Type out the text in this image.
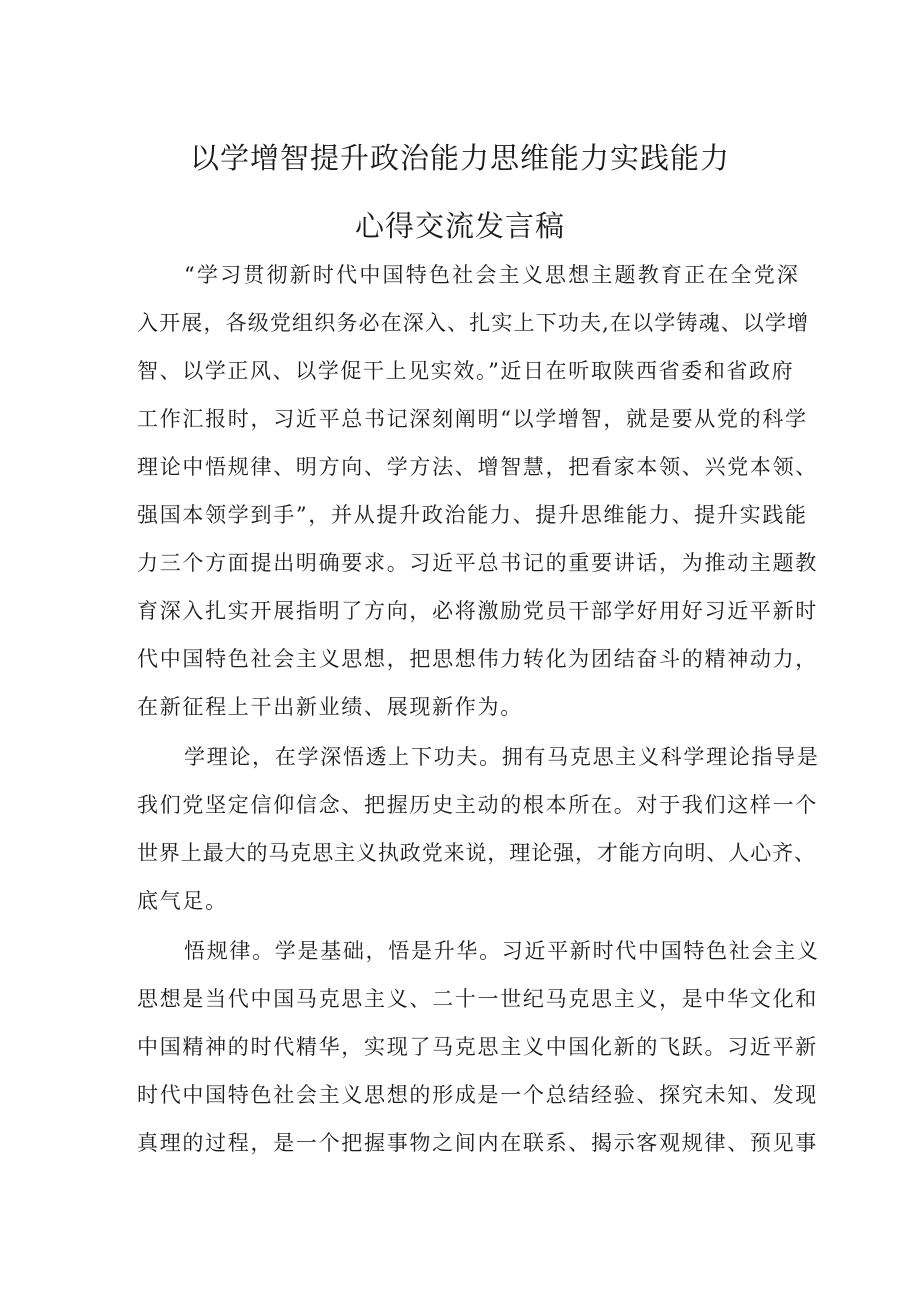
以学增智提升政治能力思维能力实践能力
心得交流发言稿

“学习贯彻新时代中国特色社会主义思想主题教育正在全党深

入开展，各级党组织务必在深入、扎实上下功夫,在以学铸魂、以学增

智、以学正风、以学促干上见实效。”近日在听取陕西省委和省政府

工作汇报时，习近平总书记深刻阐明“以学增智，就是要从党的科学

理论中悟规律、明方向、学方法、增智慧，把看家本领、兴党本领、

强国本领学到手”，并从提升政治能力、提升思维能力、提升实践能

力三个方面提出明确要求。习近平总书记的重要讲话，为推动主题教

育深入扎实开展指明了方向，必将激励党员干部学好用好习近平新时

代中国特色社会主义思想，把思想伟力转化为团结奋斗的精神动力，

在新征程上干出新业绩、展现新作为。

学理论，在学深悟透上下功夫。拥有马克思主义科学理论指导是

我们党坚定信仰信念、把握历史主动的根本所在。对于我们这样一个

世界上最大的马克思主义执政党来说，理论强，才能方向明、人心齐、

底气足。

悟规律。学是基础，悟是升华。习近平新时代中国特色社会主义

思想是当代中国马克思主义、二十一世纪马克思主义，是中华文化和

中国精神的时代精华，实现了马克思主义中国化新的飞跃。习近平新

时代中国特色社会主义思想的形成是一个总结经验、探究未知、发现

真理的过程，是一个把握事物之间内在联系、揭示客观规律、预见事
